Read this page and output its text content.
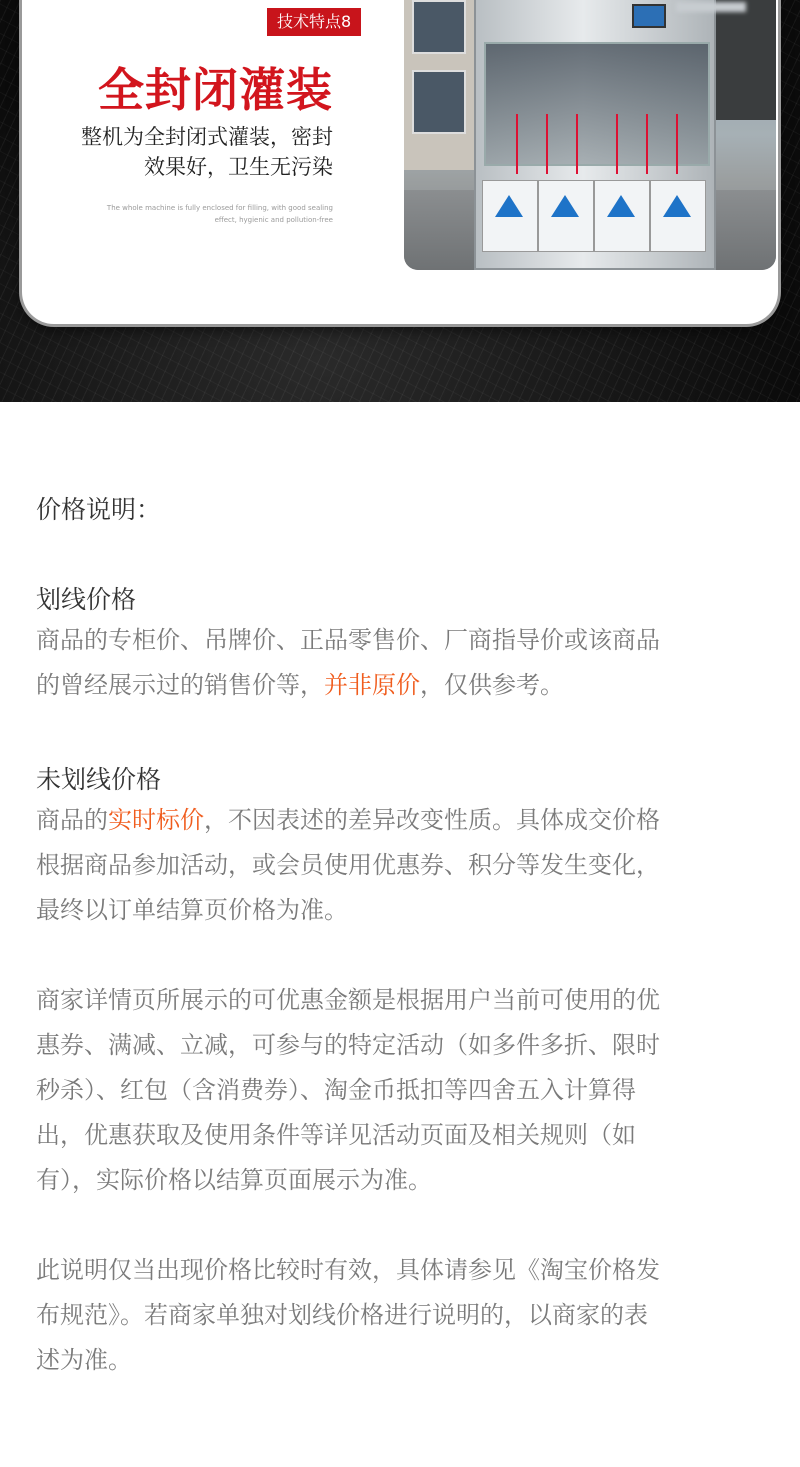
技术特点8
全封闭灌装
整机为全封闭式灌装，密封
效果好，卫生无污染
The whole machine is fully enclosed for filling, with good sealing
effect, hygienic and pollution-free
价格说明：
划线价格
商品的专柜价、吊牌价、正品零售价、厂商指导价或该商品
的曾经展示过的销售价等，并非原价，仅供参考。
未划线价格
商品的实时标价，不因表述的差异改变性质。具体成交价格
根据商品参加活动，或会员使用优惠券、积分等发生变化，
最终以订单结算页价格为准。
商家详情页所展示的可优惠金额是根据用户当前可使用的优
惠券、满减、立减，可参与的特定活动（如多件多折、限时
秒杀）、红包（含消费券）、淘金币抵扣等四舍五入计算得
出，优惠获取及使用条件等详见活动页面及相关规则（如
有），实际价格以结算页面展示为准。
此说明仅当出现价格比较时有效，具体请参见《淘宝价格发
布规范》。若商家单独对划线价格进行说明的，以商家的表
述为准。
